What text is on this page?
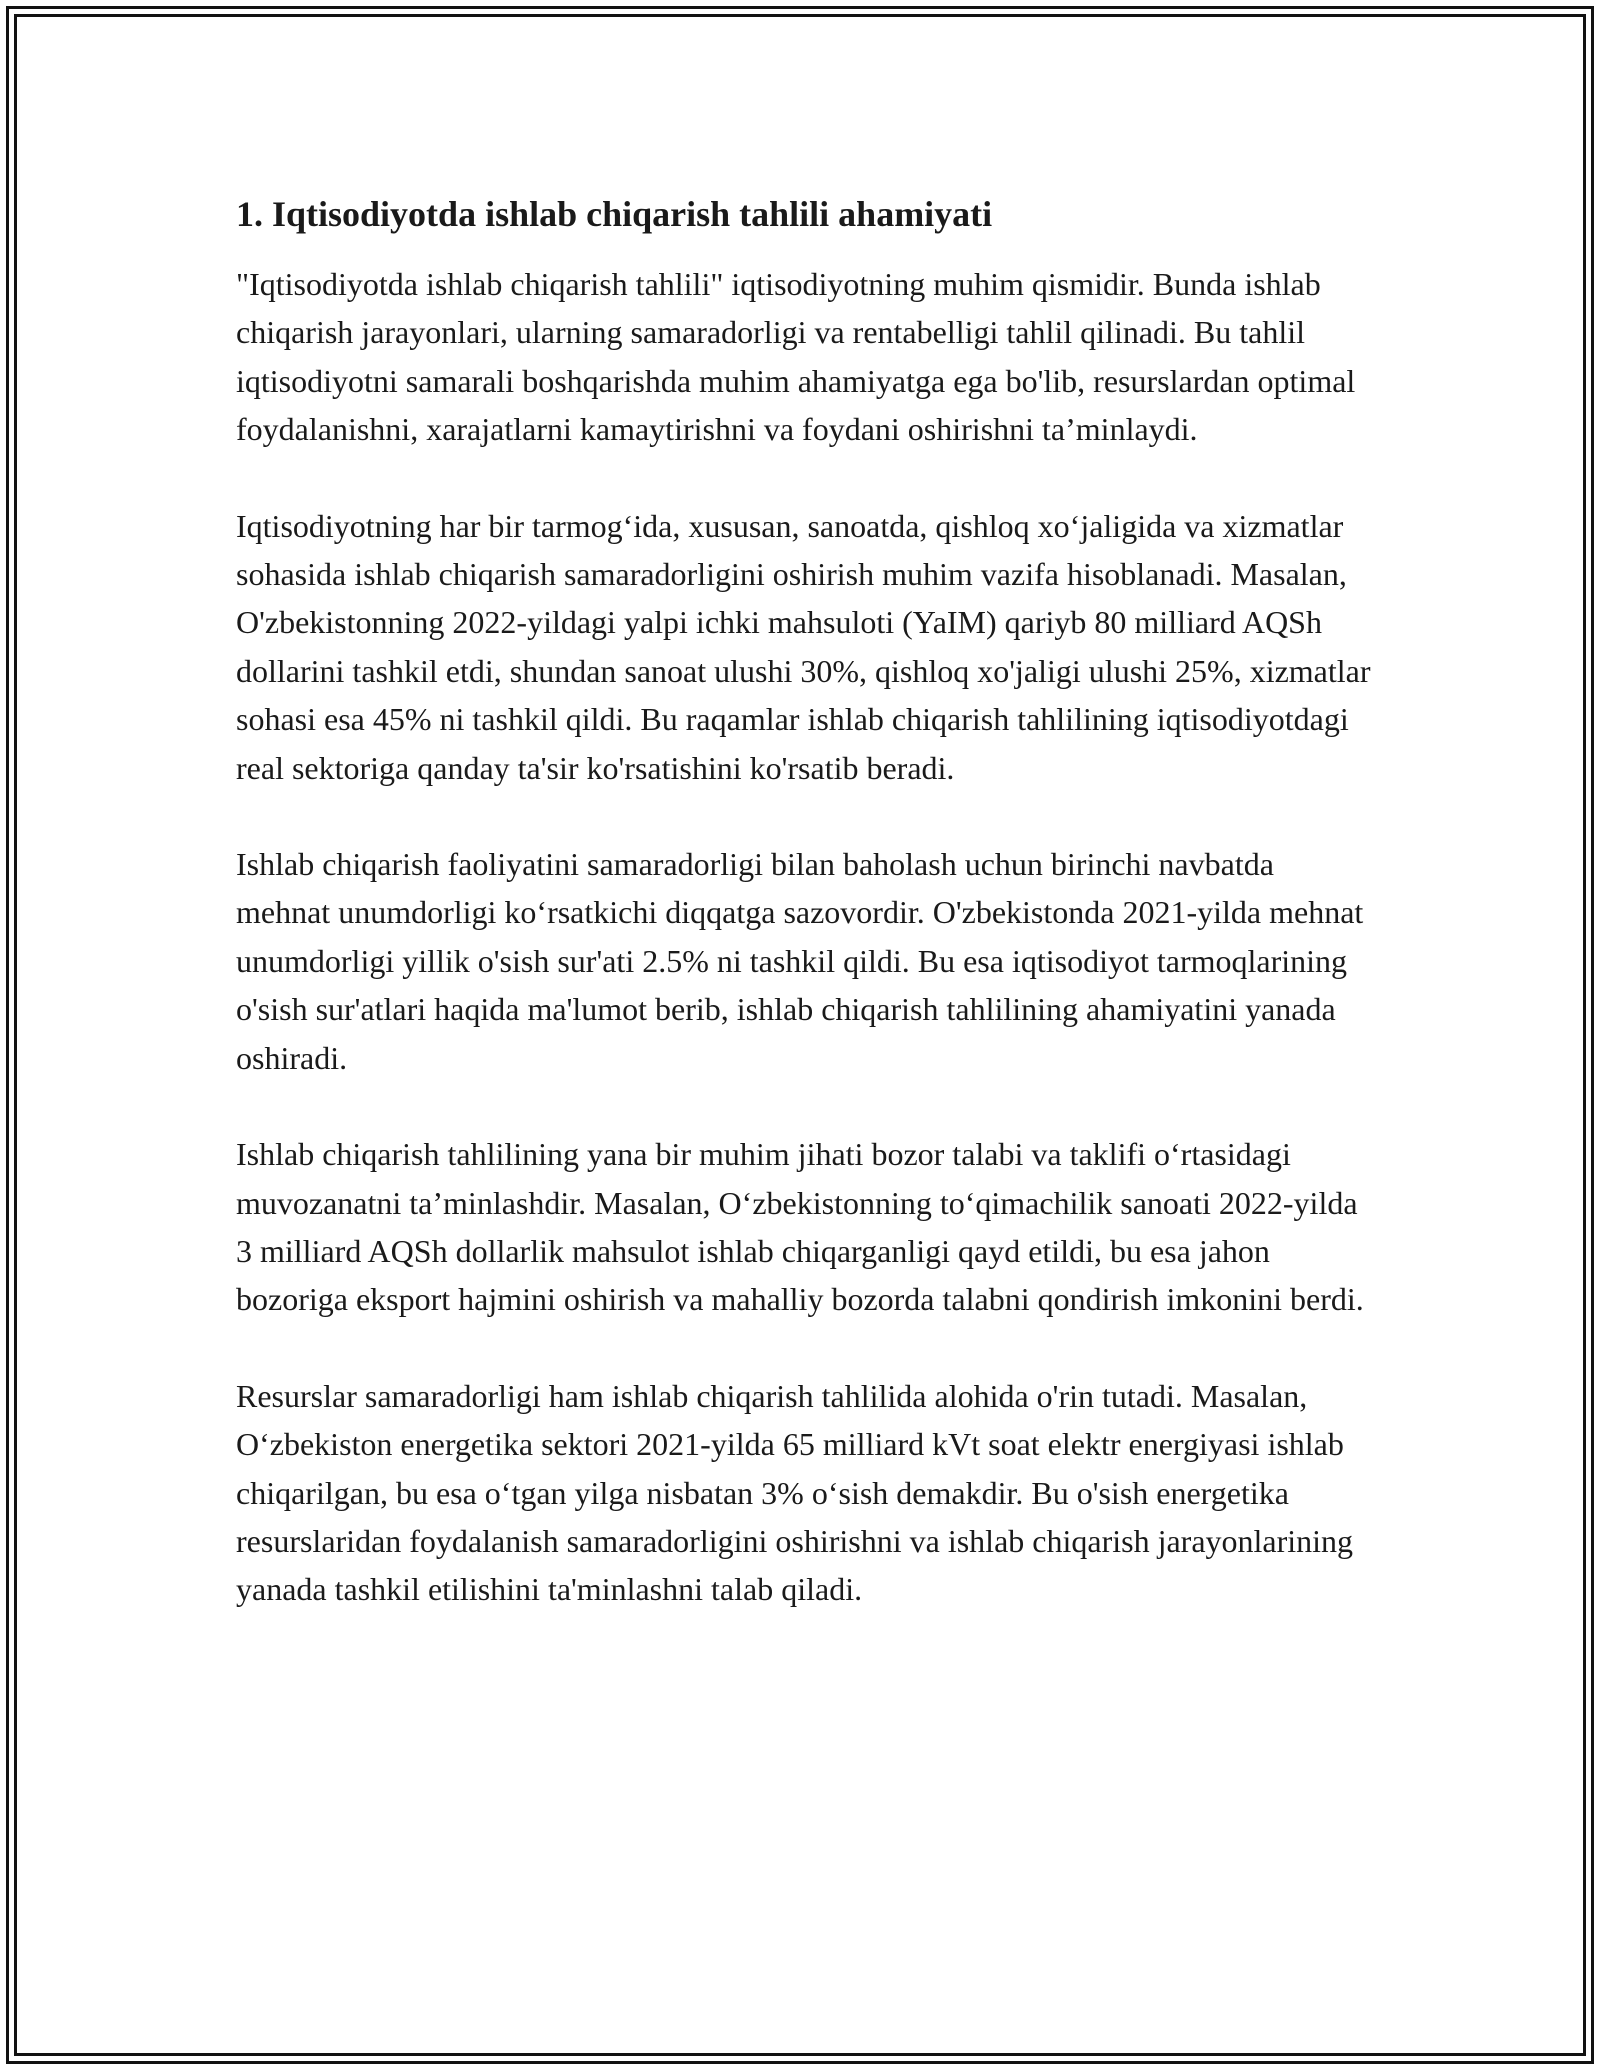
1. Iqtisodiyotda ishlab chiqarish tahlili ahamiyati

"Iqtisodiyotda ishlab chiqarish tahlili" iqtisodiyotning muhim qismidir. Bunda ishlab chiqarish jarayonlari, ularning samaradorligi va rentabelligi tahlil qilinadi. Bu tahlil iqtisodiyotni samarali boshqarishda muhim ahamiyatga ega bo'lib, resurslardan optimal foydalanishni, xarajatlarni kamaytirishni va foydani oshirishni ta’minlaydi.

Iqtisodiyotning har bir tarmog‘ida, xususan, sanoatda, qishloq xo‘jaligida va xizmatlar sohasida ishlab chiqarish samaradorligini oshirish muhim vazifa hisoblanadi. Masalan, O'zbekistonning 2022-yildagi yalpi ichki mahsuloti (YaIM) qariyb 80 milliard AQSh dollarini tashkil etdi, shundan sanoat ulushi 30%, qishloq xo'jaligi ulushi 25%, xizmatlar sohasi esa 45% ni tashkil qildi. Bu raqamlar ishlab chiqarish tahlilining iqtisodiyotdagi real sektoriga qanday ta'sir ko'rsatishini ko'rsatib beradi.

Ishlab chiqarish faoliyatini samaradorligi bilan baholash uchun birinchi navbatda mehnat unumdorligi ko‘rsatkichi diqqatga sazovordir. O'zbekistonda 2021-yilda mehnat unumdorligi yillik o'sish sur'ati 2.5% ni tashkil qildi. Bu esa iqtisodiyot tarmoqlarining o'sish sur'atlari haqida ma'lumot berib, ishlab chiqarish tahlilining ahamiyatini yanada oshiradi.

Ishlab chiqarish tahlilining yana bir muhim jihati bozor talabi va taklifi o‘rtasidagi muvozanatni ta’minlashdir. Masalan, O‘zbekistonning to‘qimachilik sanoati 2022-yilda 3 milliard AQSh dollarlik mahsulot ishlab chiqarganligi qayd etildi, bu esa jahon bozoriga eksport hajmini oshirish va mahalliy bozorda talabni qondirish imkonini berdi.

Resurslar samaradorligi ham ishlab chiqarish tahlilida alohida o'rin tutadi. Masalan, O‘zbekiston energetika sektori 2021-yilda 65 milliard kVt soat elektr energiyasi ishlab chiqarilgan, bu esa o‘tgan yilga nisbatan 3% o‘sish demakdir. Bu o'sish energetika resurslaridan foydalanish samaradorligini oshirishni va ishlab chiqarish jarayonlarining yanada tashkil etilishini ta'minlashni talab qiladi.
